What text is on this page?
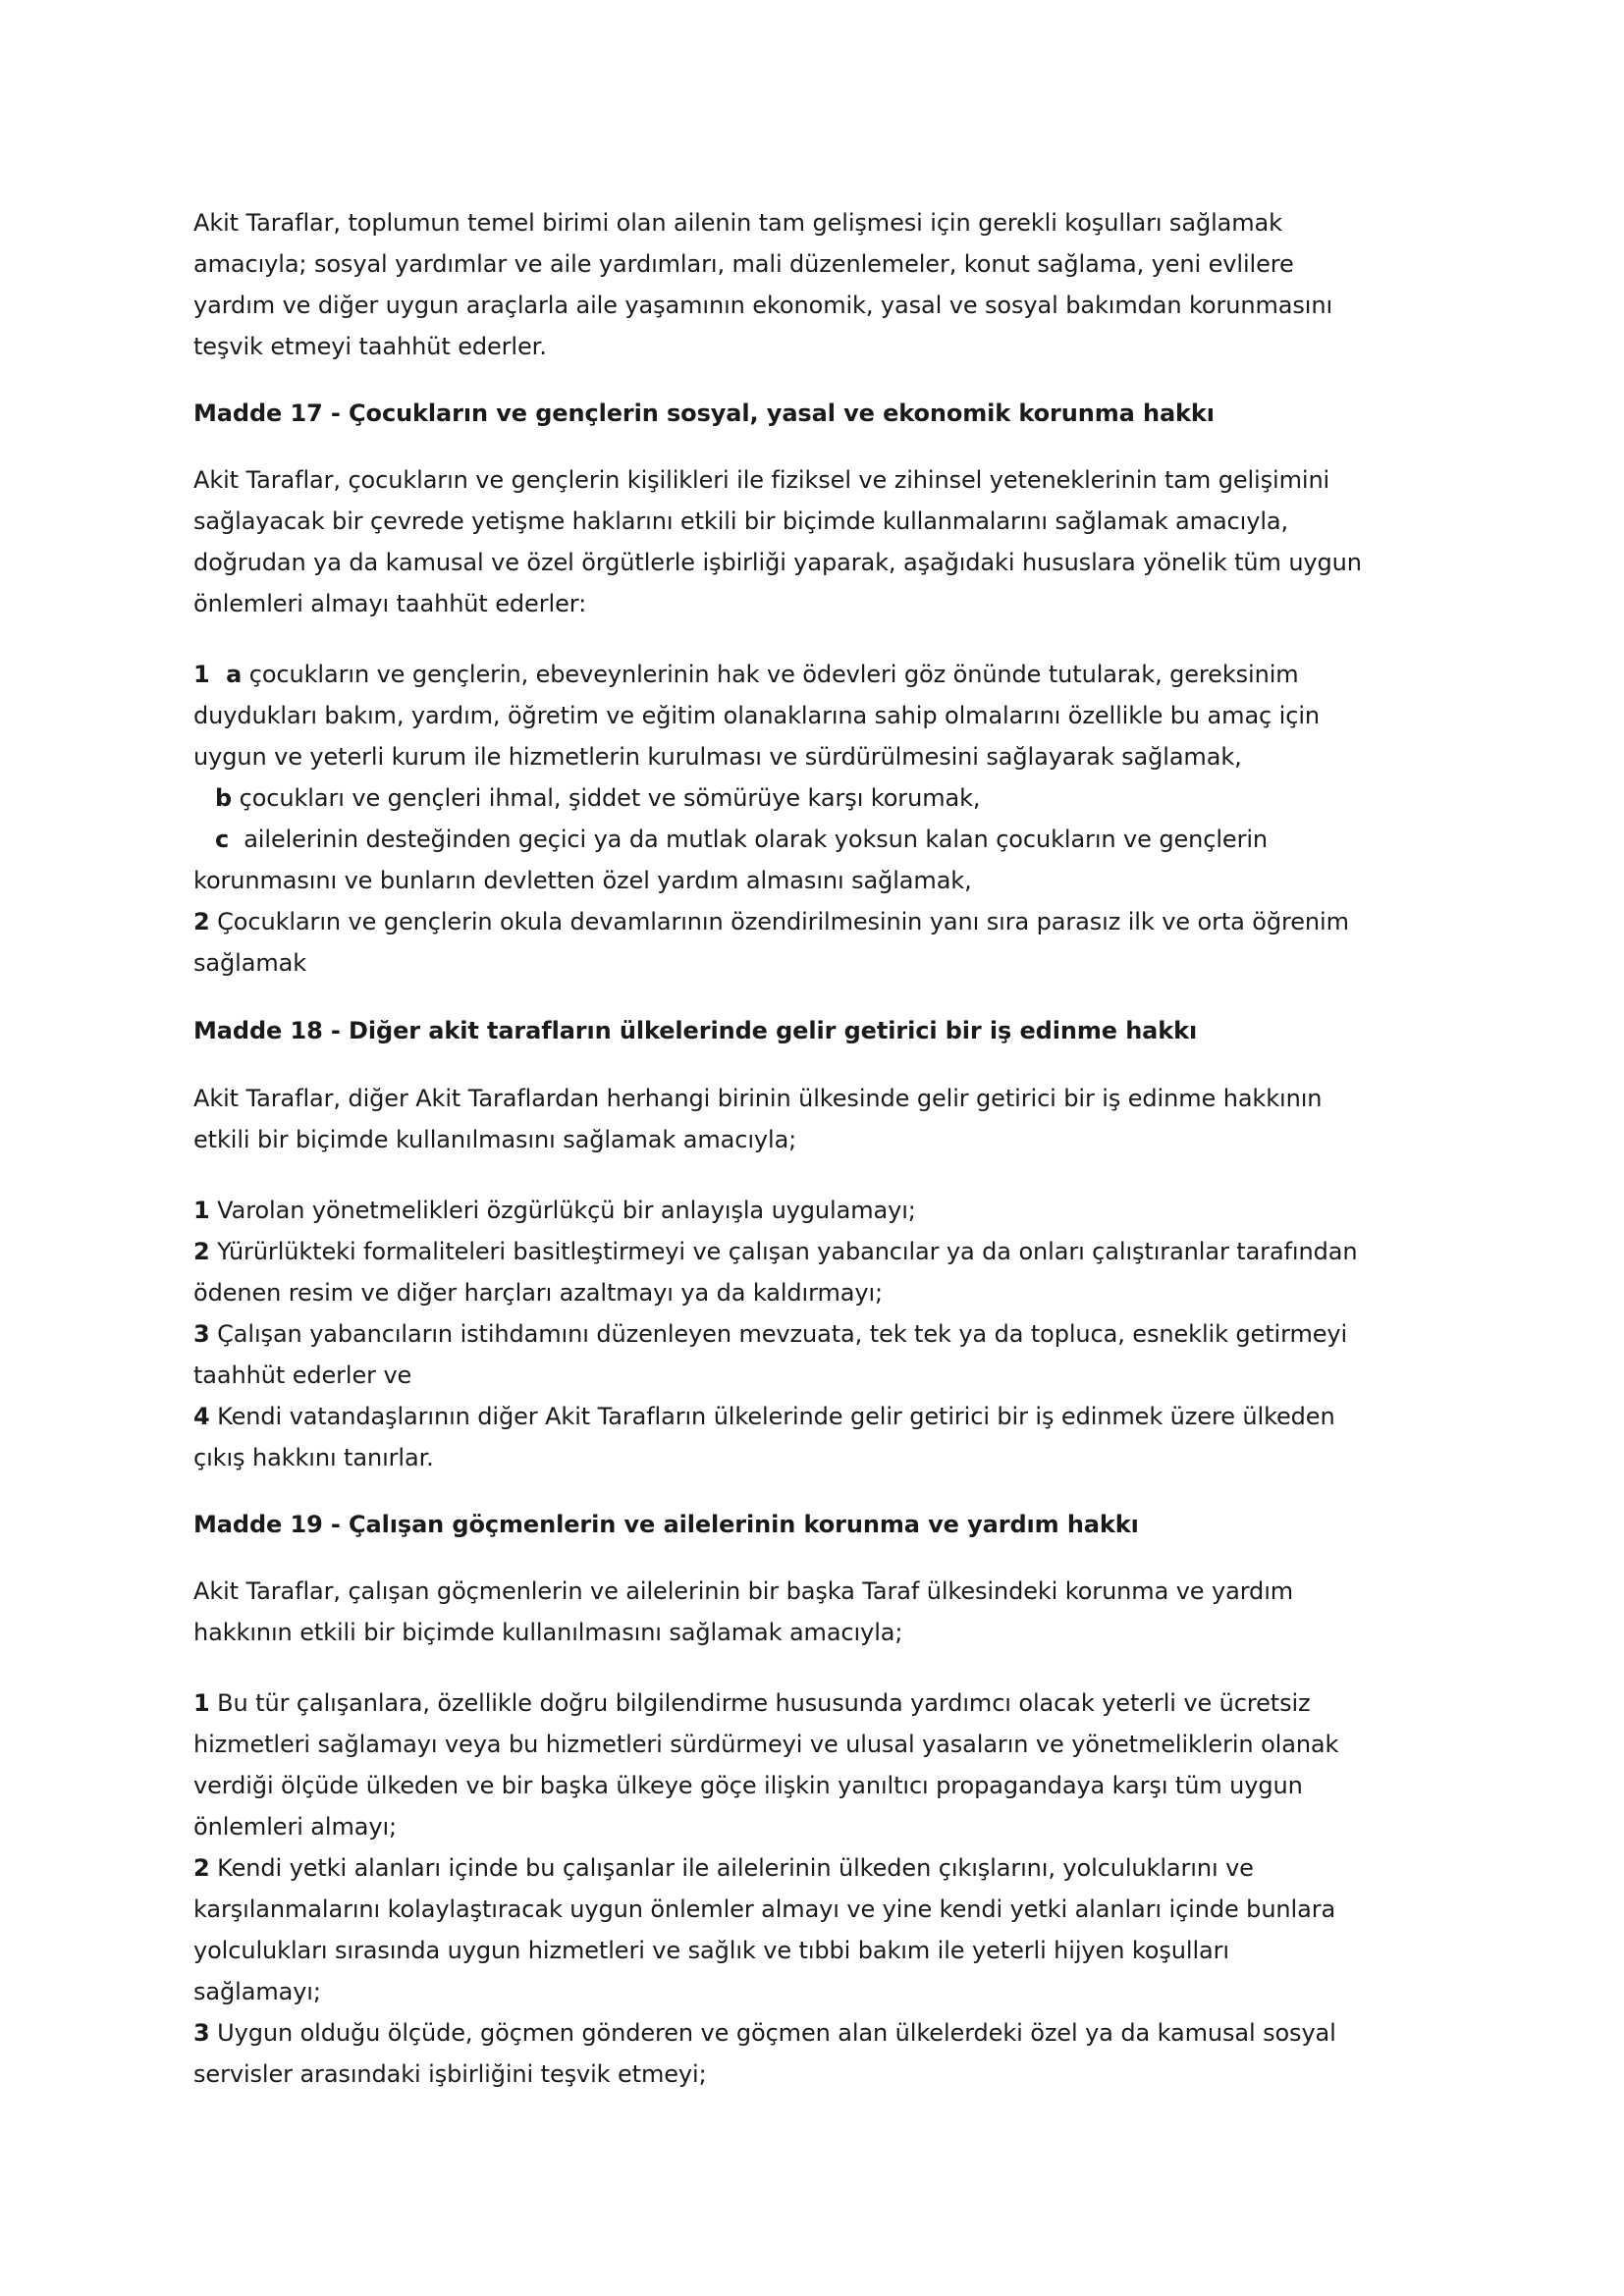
Akit Taraflar, toplumun temel birimi olan ailenin tam gelişmesi için gerekli koşulları sağlamak
amacıyla; sosyal yardımlar ve aile yardımları, mali düzenlemeler, konut sağlama, yeni evlilere
yardım ve diğer uygun araçlarla aile yaşamının ekonomik, yasal ve sosyal bakımdan korunmasını
teşvik etmeyi taahhüt ederler.
Madde 17 - Çocukların ve gençlerin sosyal, yasal ve ekonomik korunma hakkı
Akit Taraflar, çocukların ve gençlerin kişilikleri ile fiziksel ve zihinsel yeteneklerinin tam gelişimini
sağlayacak bir çevrede yetişme haklarını etkili bir biçimde kullanmalarını sağlamak amacıyla,
doğrudan ya da kamusal ve özel örgütlerle işbirliği yaparak, aşağıdaki hususlara yönelik tüm uygun
önlemleri almayı taahhüt ederler:
1  a çocukların ve gençlerin, ebeveynlerinin hak ve ödevleri göz önünde tutularak, gereksinim
duydukları bakım, yardım, öğretim ve eğitim olanaklarına sahip olmalarını özellikle bu amaç için
uygun ve yeterli kurum ile hizmetlerin kurulması ve sürdürülmesini sağlayarak sağlamak,
b çocukları ve gençleri ihmal, şiddet ve sömürüye karşı korumak,
c  ailelerinin desteğinden geçici ya da mutlak olarak yoksun kalan çocukların ve gençlerin
korunmasını ve bunların devletten özel yardım almasını sağlamak,
2 Çocukların ve gençlerin okula devamlarının özendirilmesinin yanı sıra parasız ilk ve orta öğrenim
sağlamak
Madde 18 - Diğer akit tarafların ülkelerinde gelir getirici bir iş edinme hakkı
Akit Taraflar, diğer Akit Taraflardan herhangi birinin ülkesinde gelir getirici bir iş edinme hakkının
etkili bir biçimde kullanılmasını sağlamak amacıyla;
1 Varolan yönetmelikleri özgürlükçü bir anlayışla uygulamayı;
2 Yürürlükteki formaliteleri basitleştirmeyi ve çalışan yabancılar ya da onları çalıştıranlar tarafından
ödenen resim ve diğer harçları azaltmayı ya da kaldırmayı;
3 Çalışan yabancıların istihdamını düzenleyen mevzuata, tek tek ya da topluca, esneklik getirmeyi
taahhüt ederler ve
4 Kendi vatandaşlarının diğer Akit Tarafların ülkelerinde gelir getirici bir iş edinmek üzere ülkeden
çıkış hakkını tanırlar.
Madde 19 - Çalışan göçmenlerin ve ailelerinin korunma ve yardım hakkı
Akit Taraflar, çalışan göçmenlerin ve ailelerinin bir başka Taraf ülkesindeki korunma ve yardım
hakkının etkili bir biçimde kullanılmasını sağlamak amacıyla;
1 Bu tür çalışanlara, özellikle doğru bilgilendirme hususunda yardımcı olacak yeterli ve ücretsiz
hizmetleri sağlamayı veya bu hizmetleri sürdürmeyi ve ulusal yasaların ve yönetmeliklerin olanak
verdiği ölçüde ülkeden ve bir başka ülkeye göçe ilişkin yanıltıcı propagandaya karşı tüm uygun
önlemleri almayı;
2 Kendi yetki alanları içinde bu çalışanlar ile ailelerinin ülkeden çıkışlarını, yolculuklarını ve
karşılanmalarını kolaylaştıracak uygun önlemler almayı ve yine kendi yetki alanları içinde bunlara
yolculukları sırasında uygun hizmetleri ve sağlık ve tıbbi bakım ile yeterli hijyen koşulları
sağlamayı;
3 Uygun olduğu ölçüde, göçmen gönderen ve göçmen alan ülkelerdeki özel ya da kamusal sosyal
servisler arasındaki işbirliğini teşvik etmeyi;
